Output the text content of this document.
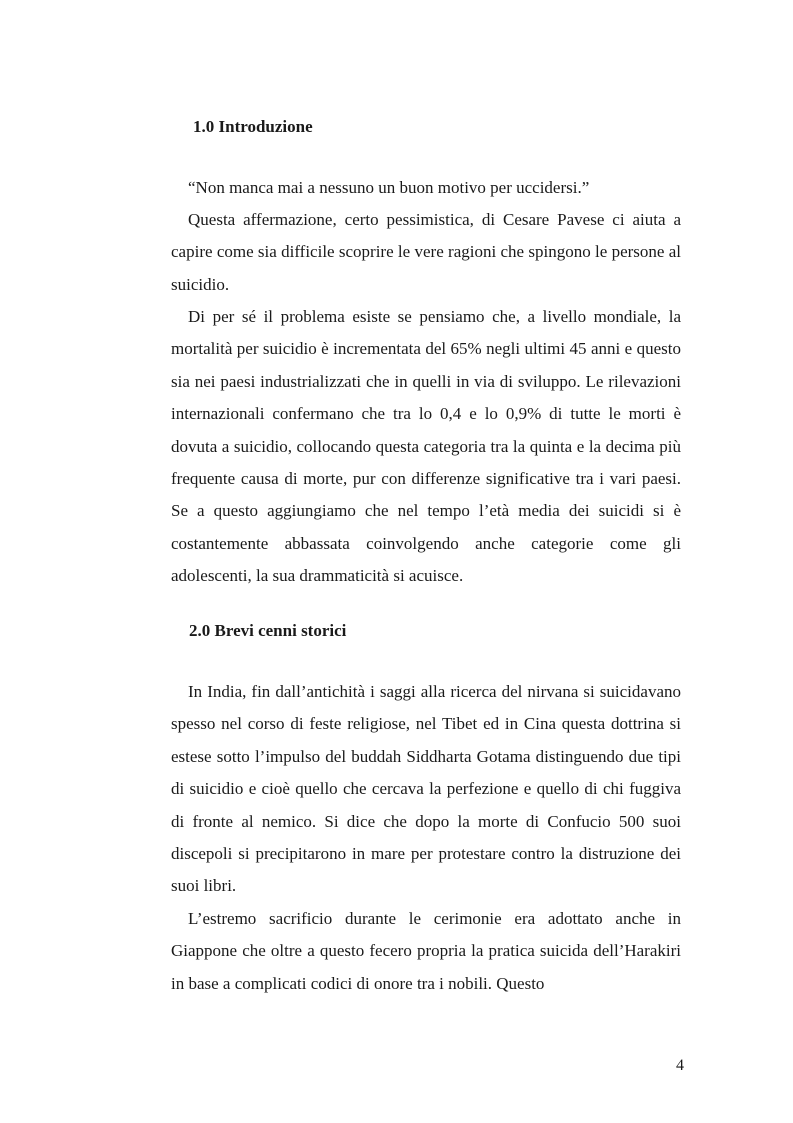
1.0 Introduzione

“Non manca mai a nessuno un buon motivo per uccidersi.”

Questa affermazione, certo pessimistica, di Cesare Pavese ci aiuta a capire come sia difficile scoprire le vere ragioni che spingono le persone al suicidio.

Di per sé il problema esiste se pensiamo che, a livello mondiale, la mortalità per suicidio è incrementata del 65% negli ultimi 45 anni e questo sia nei paesi industrializzati che in quelli in via di sviluppo. Le rilevazioni internazionali confermano che tra lo 0,4 e lo 0,9% di tutte le morti è dovuta a suicidio, collocando questa categoria tra la quinta e la decima più frequente causa di morte, pur con differenze significative tra i vari paesi. Se a questo aggiungiamo che nel tempo l’età media dei suicidi si è costantemente abbassata coinvolgendo anche categorie come gli adolescenti, la sua drammaticità si acuisce.

2.0 Brevi cenni storici

In India, fin dall’antichità i saggi alla ricerca del nirvana si suicidavano spesso nel corso di feste religiose, nel Tibet ed in Cina questa dottrina si estese sotto l’impulso del buddah Siddharta Gotama distinguendo due tipi di suicidio e cioè quello che cercava la perfezione e quello di chi fuggiva di fronte al nemico. Si dice che dopo la morte di Confucio 500 suoi discepoli si precipitarono in mare per protestare contro la distruzione dei suoi libri.

L’estremo sacrificio durante le cerimonie era adottato anche in Giappone che oltre a questo fecero propria la pratica suicida dell’Harakiri in base a complicati codici di onore tra i nobili. Questo

4
